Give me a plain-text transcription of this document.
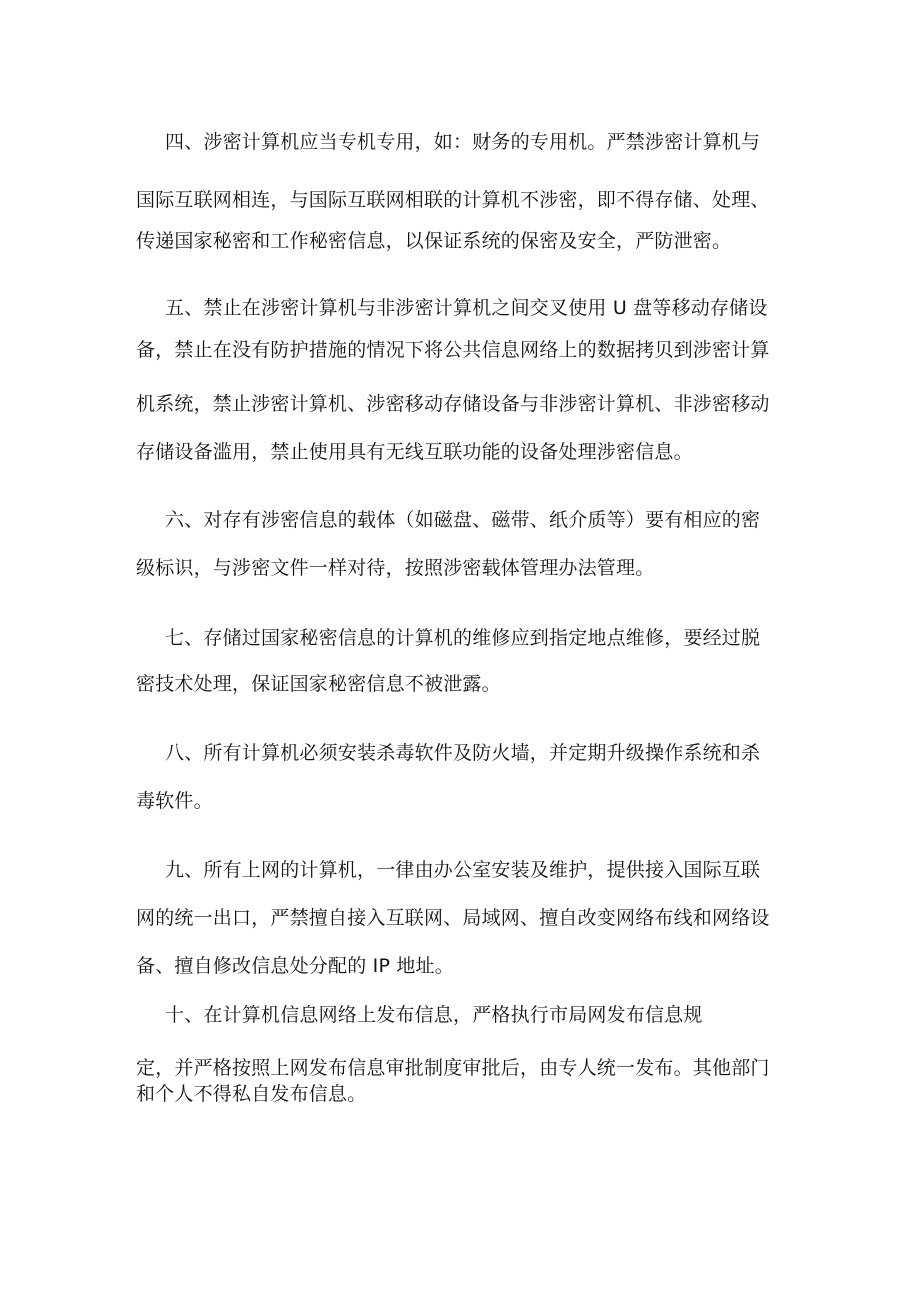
四、涉密计算机应当专机专用，如：财务的专用机。严禁涉密计算机与
国际互联网相连，与国际互联网相联的计算机不涉密，即不得存储、处理、
传递国家秘密和工作秘密信息，以保证系统的保密及安全，严防泄密。
五、禁止在涉密计算机与非涉密计算机之间交叉使用 U 盘等移动存储设
备，禁止在没有防护措施的情况下将公共信息网络上的数据拷贝到涉密计算
机系统，禁止涉密计算机、涉密移动存储设备与非涉密计算机、非涉密移动
存储设备滥用，禁止使用具有无线互联功能的设备处理涉密信息。
六、对存有涉密信息的载体（如磁盘、磁带、纸介质等）要有相应的密
级标识，与涉密文件一样对待，按照涉密载体管理办法管理。
七、存储过国家秘密信息的计算机的维修应到指定地点维修，要经过脱
密技术处理，保证国家秘密信息不被泄露。
八、所有计算机必须安装杀毒软件及防火墙，并定期升级操作系统和杀
毒软件。
九、所有上网的计算机，一律由办公室安装及维护，提供接入国际互联
网的统一出口，严禁擅自接入互联网、局域网、擅自改变网络布线和网络设
备、擅自修改信息处分配的 IP 地址。
十、在计算机信息网络上发布信息，严格执行市局网发布信息规
定，并严格按照上网发布信息审批制度审批后，由专人统一发布。其他部门
和个人不得私自发布信息。
